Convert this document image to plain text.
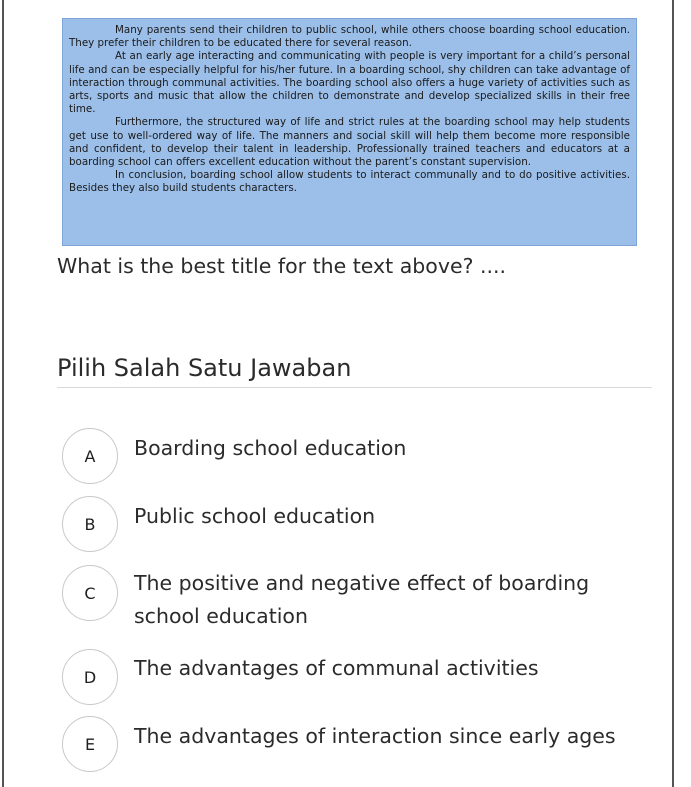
Many parents send their children to public school, while others choose boarding school education. They prefer their children to be educated there for several reason.

At an early age interacting and communicating with people is very important for a child’s personal life and can be especially helpful for his/her future. In a boarding school, shy children can take advantage of interaction through communal activities. The boarding school also offers a huge variety of activities such as arts, sports and music that allow the children to demonstrate and develop specialized skills in their free time.

Furthermore, the structured way of life and strict rules at the boarding school may help students get use to well-ordered way of life. The manners and social skill will help them become more responsible and confident, to develop their talent in leadership. Professionally trained teachers and educators at a boarding school can offers excellent education without the parent’s constant supervision.

In conclusion, boarding school allow students to interact communally and to do positive activities. Besides they also build students characters.

What is the best title for the text above? ....
Pilih Salah Satu Jawaban
A	Boarding school education
B	Public school education
C	The positive and negative effect of boarding school education
D	The advantages of communal activities
E	The advantages of interaction since early ages
